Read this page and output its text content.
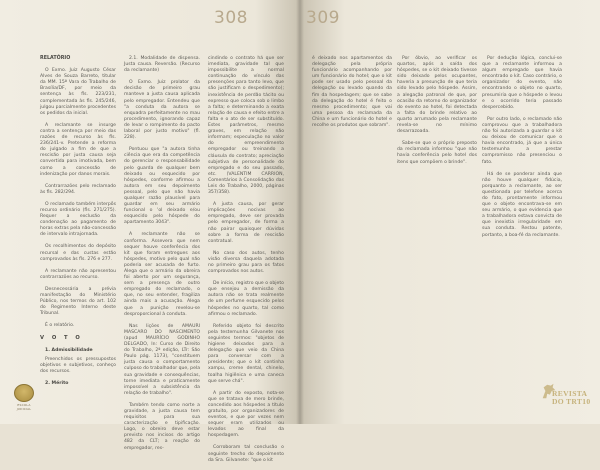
308
RELATÓRIO

O Exmo. Juiz Augusto César Alves de Souza Barreto, titular da MM. 15ª Vara do Trabalho de Brasília/DF, por meio da sentença às fls. 223/231, complementada às fls. 245/246, julgou parcialmente procedentes os pedidos da inicial.

A reclamante se insurge contra a sentença por meio das razões de recurso às fls. 236/241-v. Pretende a reforma do julgado a fim de que a rescisão por justa causa seja convertida para imotivada, bem como a concessão de indenização por danos morais.

Contrarrazões pelo reclamado às fls. 282/294.

O reclamado também interpôs recurso ordinário (fls. 271/275). Requer a exclusão da condenação ao pagamento de horas extras pela não-concessão de intervalo intrajornada.

Os recolhimentos do depósito recursal e das custas estão comprovados às fls. 276 e 277.

A reclamante não apresentou contrarrazões ao recurso.

Desnecessária a prévia manifestação do Ministério Público, nos termos do art. 102 do Regimento Interno deste Tribunal.

É o relatório.

V O T O

1. Admissibilidade

Preenchidos os pressupostos objetivos e subjetivos, conheço dos recursos.

2. Mérito

2.1. Modalidade de dispensa. Justa causa. Reversão. (Recurso da reclamante)

O Exmo. Juiz prolator da decisão de primeiro grau manteve a justa causa aplicada pelo empregador. Entendeu que "a conduta da autora se enquadra perfeitamente no mau procedimento, ignorando capaz de levar o rompimento do pacto laboral por justo motivo" (fl. 228).

Pontuou que "a autora tinha ciência que era da competência do gerenciar o responsabilidade pelo guarda de qualquer bem deixado ou esquecido por hóspedes, conforme afirmou a autora em seu depoimento pessoal, pelo que não havia qualquer razão plausível para guardar em seu armário funcional o 'ol deixado e/ou esquecido pelo hóspede do apartamento 3043".

A reclamante não se conforma. Assevera que nem sequer houve conferência dos kit que foram entregues aos hóspedes, motivo pelo qual não poderia ser acusada de furto. Alega que o armário da obreira foi aberto por um segurança, sem a presença de outro empregado do reclamado, o que, no seu entender, fragiliza ainda mais a acusação. Alega que a punição revelou-se desproporcional à conduta.

Nas lições de AMAURI MASCARO DO NASCIMENTO (apud MAURÍCIO GODINHO DELGADO, In: Curso de Direito do Trabalho, 2ª edição, LTr: São Paulo pág. 1173), "constituem justa causa o comportamento culposo do trabalhador que, pela sua gravidade e consequências, torne imediata e praticamente impossível a subsistência da relação de trabalho".

Também tendo como norte a gravidade, a justa causa tem requisitos para sua caracterização e tipificação. Logo, o obreiro deve estar previsto nos incisos do artigo 482 da CLT; a reação do empregador, res-

cindindo o contrato há que ser imediata, gravidade tal que impossibilite a normal continuação do vínculo das presenções para tanto levo, que são justificam o despedimento); inexistência de perdão tácito ou expresso que coloca sob o limbo a falta; e determinando a exata relação de causa e efeito entre a falta e o ato de ser substituído. Estes parâmetros, mesmo graves, em relação não informam; especulação no valor do empreendimento empregador ou treinando a cláusula do contrato; apreciação subjetiva de personalidade do empregado e do seu passado, etc. (VALENTIM CARRION, Comentários à Consolidação das Leis do Trabalho, 2000, páginas 357/358).

A justa causa, por gerar implicações nocivas ao empregado, deve ser provada pelo empregador, de forma a não pairar quaisquer dúvidas sobre a forma de rescisão contratual.

No caso dos autos, tenho visão diversa daquela adotada no primeiro grau para os fatos comprovados nos autos.

De início, registro que o objeto que ensejou a demissão da autora não se trata realmente de um perfume esquecido pelos hóspedes no quarto, tal como afirmou o reclamado.

Referido objeto foi descrito pela testemunha Gilvanete nos seguintes termos: "objetos de higiene deixados para a delegação que veio da China para conversar com a presidente; que o kit continha xampu, creme dental, chinelo, toalha higiênica e uma caneca que serve chá".

A partir do exposto, nota-se que se tratava de mero brinde, concedido aos hóspedes a título gratuito, por organizadores de eventos, e que por vezes nem sequer eram utilizados ou levados ao final da hospedagem.

Corroboram tal conclusão o seguinte trecho do depoimento da Sra. Gilvanete: "que o kit

ESCOLA JUDICIAL
309

é deixado nos apartamentos da delegação pela própria funcionário acompanhando por um funcionário do hotel; que o kit pode ser usado pelo pessoal da delegação ou levado quando da fim da hospedagem; que se sabe da delegação do hotel é feito o mesmo procedimento; que vai uma pessoa da reclamada da China e um funcionário do hotel e recolhe os produtos que sobram".

Por óbvio, ao verificar os quartos, após a saída dos hóspedes, se o kit deixado tivesse sido deixado pelos ocupantes, haveria a presunção de que teria sido levado pelo hóspede. Assim, a alegação patronal de que, por ocasião da retorno do organizador do evento ao hotel, foi detectada a falta do brinde relativo ao quarto arrumado pela reclamante revela-se no mínimo desarrazoada.

Sabe-se que o próprio preposto da reclamada informou "que não havia conferência pelo hotel dos itens que compõem o brinde".

Por dedução lógica, conclui-se que a reclamante informou a algum empregado que havia encontrado o kit. Caso contrário, o organizador do evento, não encontrando o objeto no quarto, presumiria que o hóspede o levou e o ocorrido teria passado despercebido.

Por outro lado, o reclamado não comprovou que a trabalhadora não foi autorizada a guardar o kit ou deixou de comunicar que o havia encontrado, já que a única testemunha a prestar compromisso não presenciou o fato.

Há de se ponderar ainda que não houve qualquer fidúcia, porquanto a reclamante, ao ser questionada por telefone acerca do fato, prontamente informou que o objeto encontrava-se em seu armário, o que evidencia que a trabalhadora estava convicta de que inexistia irregularidade em sua conduta. Restou patente, portanto, a boa-fé da reclamante.

REVISTA
DO TRT10
